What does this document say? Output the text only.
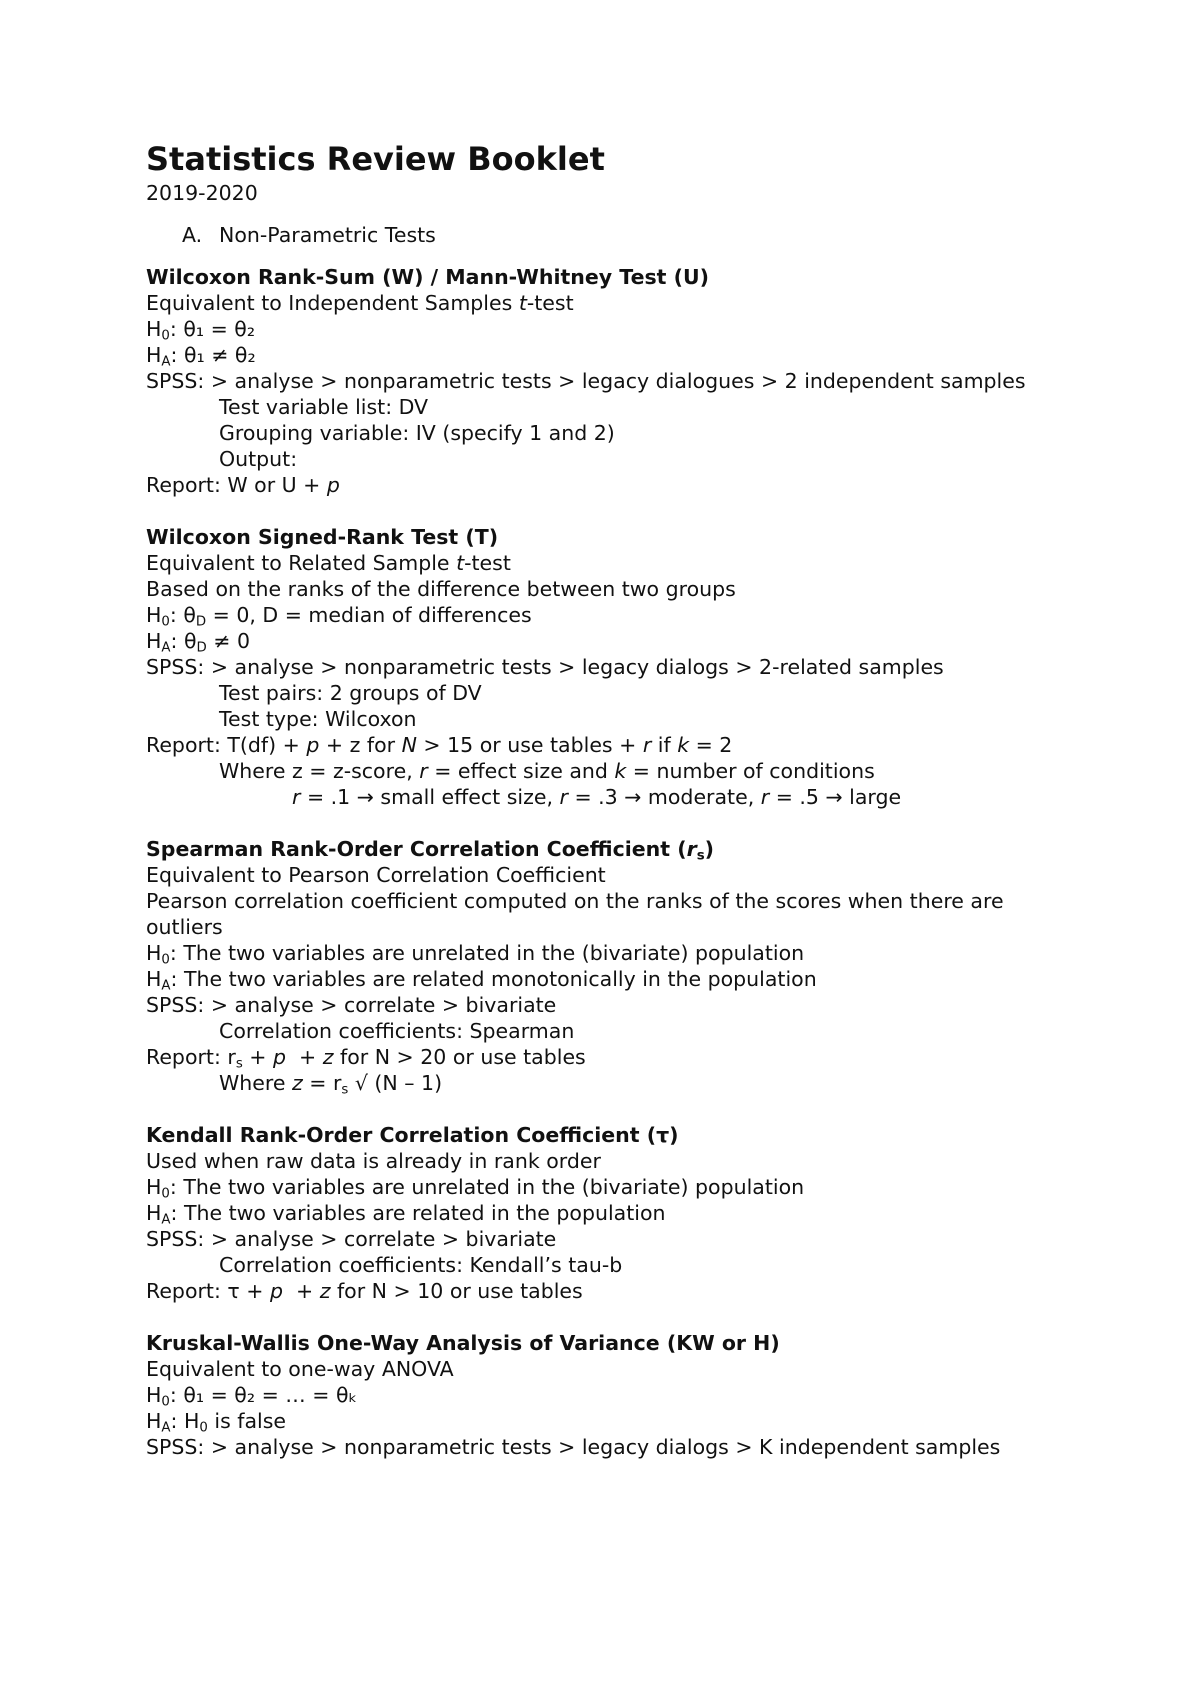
Statistics Review Booklet

2019-2020

A. Non-Parametric Tests

Wilcoxon Rank-Sum (W) / Mann-Whitney Test (U)

Equivalent to Independent Samples t-test

$H_0$: θ₁ = θ₂

$H_A$: θ₁ ≠ θ₂

SPSS: > analyse > nonparametric tests > legacy dialogues > 2 independent samples

Test variable list: DV

Grouping variable: IV (specify 1 and 2)

Output:

Report: W or U + p

Wilcoxon Signed-Rank Test (T)

Equivalent to Related Sample t-test

Based on the ranks of the difference between two groups

$H_0$: $\theta_D = 0$, D = median of differences

$H_A$: $\theta_D \ne 0$

SPSS: > analyse > nonparametric tests > legacy dialogs > 2-related samples

Test pairs: 2 groups of DV

Test type: Wilcoxon

Report: T(df) + p + z for N > 15 or use tables + r if k = 2

Where z = z-score, r = effect size and k = number of conditions

r = .1 → small effect size, r = .3 → moderate, r = .5 → large

Spearman Rank-Order Correlation Coefficient $(r_s)$

Equivalent to Pearson Correlation Coefficient

Pearson correlation coefficient computed on the ranks of the scores when there are outliers

$H_0$: The two variables are unrelated in the (bivariate) population

$H_A$: The two variables are related monotonically in the population

SPSS: > analyse > correlate > bivariate

Correlation coefficients: Spearman

Report: $r_s + p + z$ for N > 20 or use tables

Where $z = r_s$ √ (N – 1)

Kendall Rank-Order Correlation Coefficient (τ)

Used when raw data is already in rank order

$H_0$: The two variables are unrelated in the (bivariate) population

$H_A$: The two variables are related in the population

SPSS: > analyse > correlate > bivariate

Correlation coefficients: Kendall’s tau-b

Report: τ + p  + z for N > 10 or use tables

Kruskal-Wallis One-Way Analysis of Variance (KW or H)

Equivalent to one-way ANOVA

$H_0$: θ₁ = θ₂ = … = θₖ

$H_A$: $H_0$ is false

SPSS: > analyse > nonparametric tests > legacy dialogs > K independent samples
